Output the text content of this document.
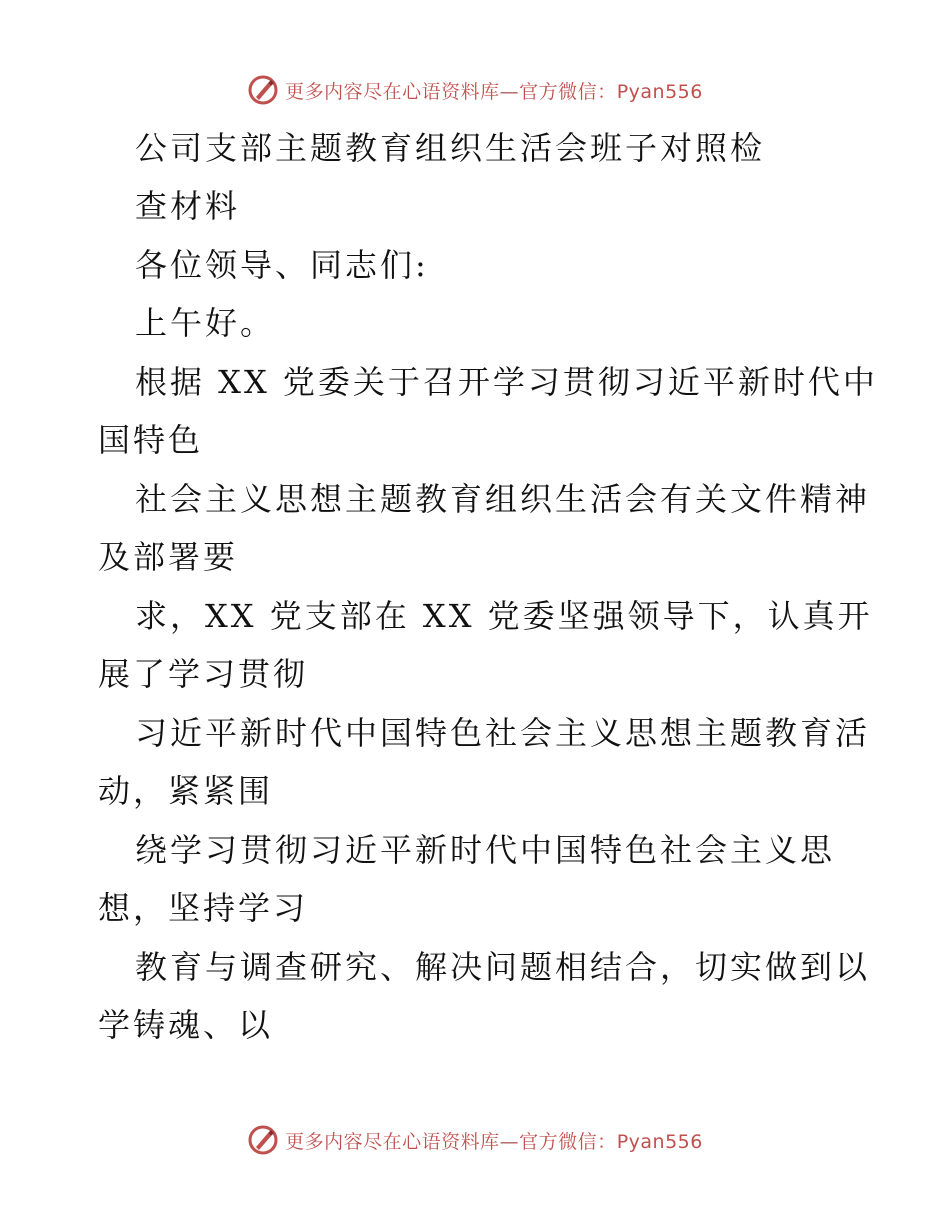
更多内容尽在心语资料库—官方微信：Pyan556
公司支部主题教育组织生活会班子对照检
查材料
各位领导、同志们:
上午好。
根据 XX 党委关于召开学习贯彻习近平新时代中
国特色
社会主义思想主题教育组织生活会有关文件精神
及部署要
求，XX 党支部在 XX 党委坚强领导下，认真开
展了学习贯彻
习近平新时代中国特色社会主义思想主题教育活
动，紧紧围
绕学习贯彻习近平新时代中国特色社会主义思
想，坚持学习
教育与调查研究、解决问题相结合，切实做到以
学铸魂、以
更多内容尽在心语资料库—官方微信：Pyan556
